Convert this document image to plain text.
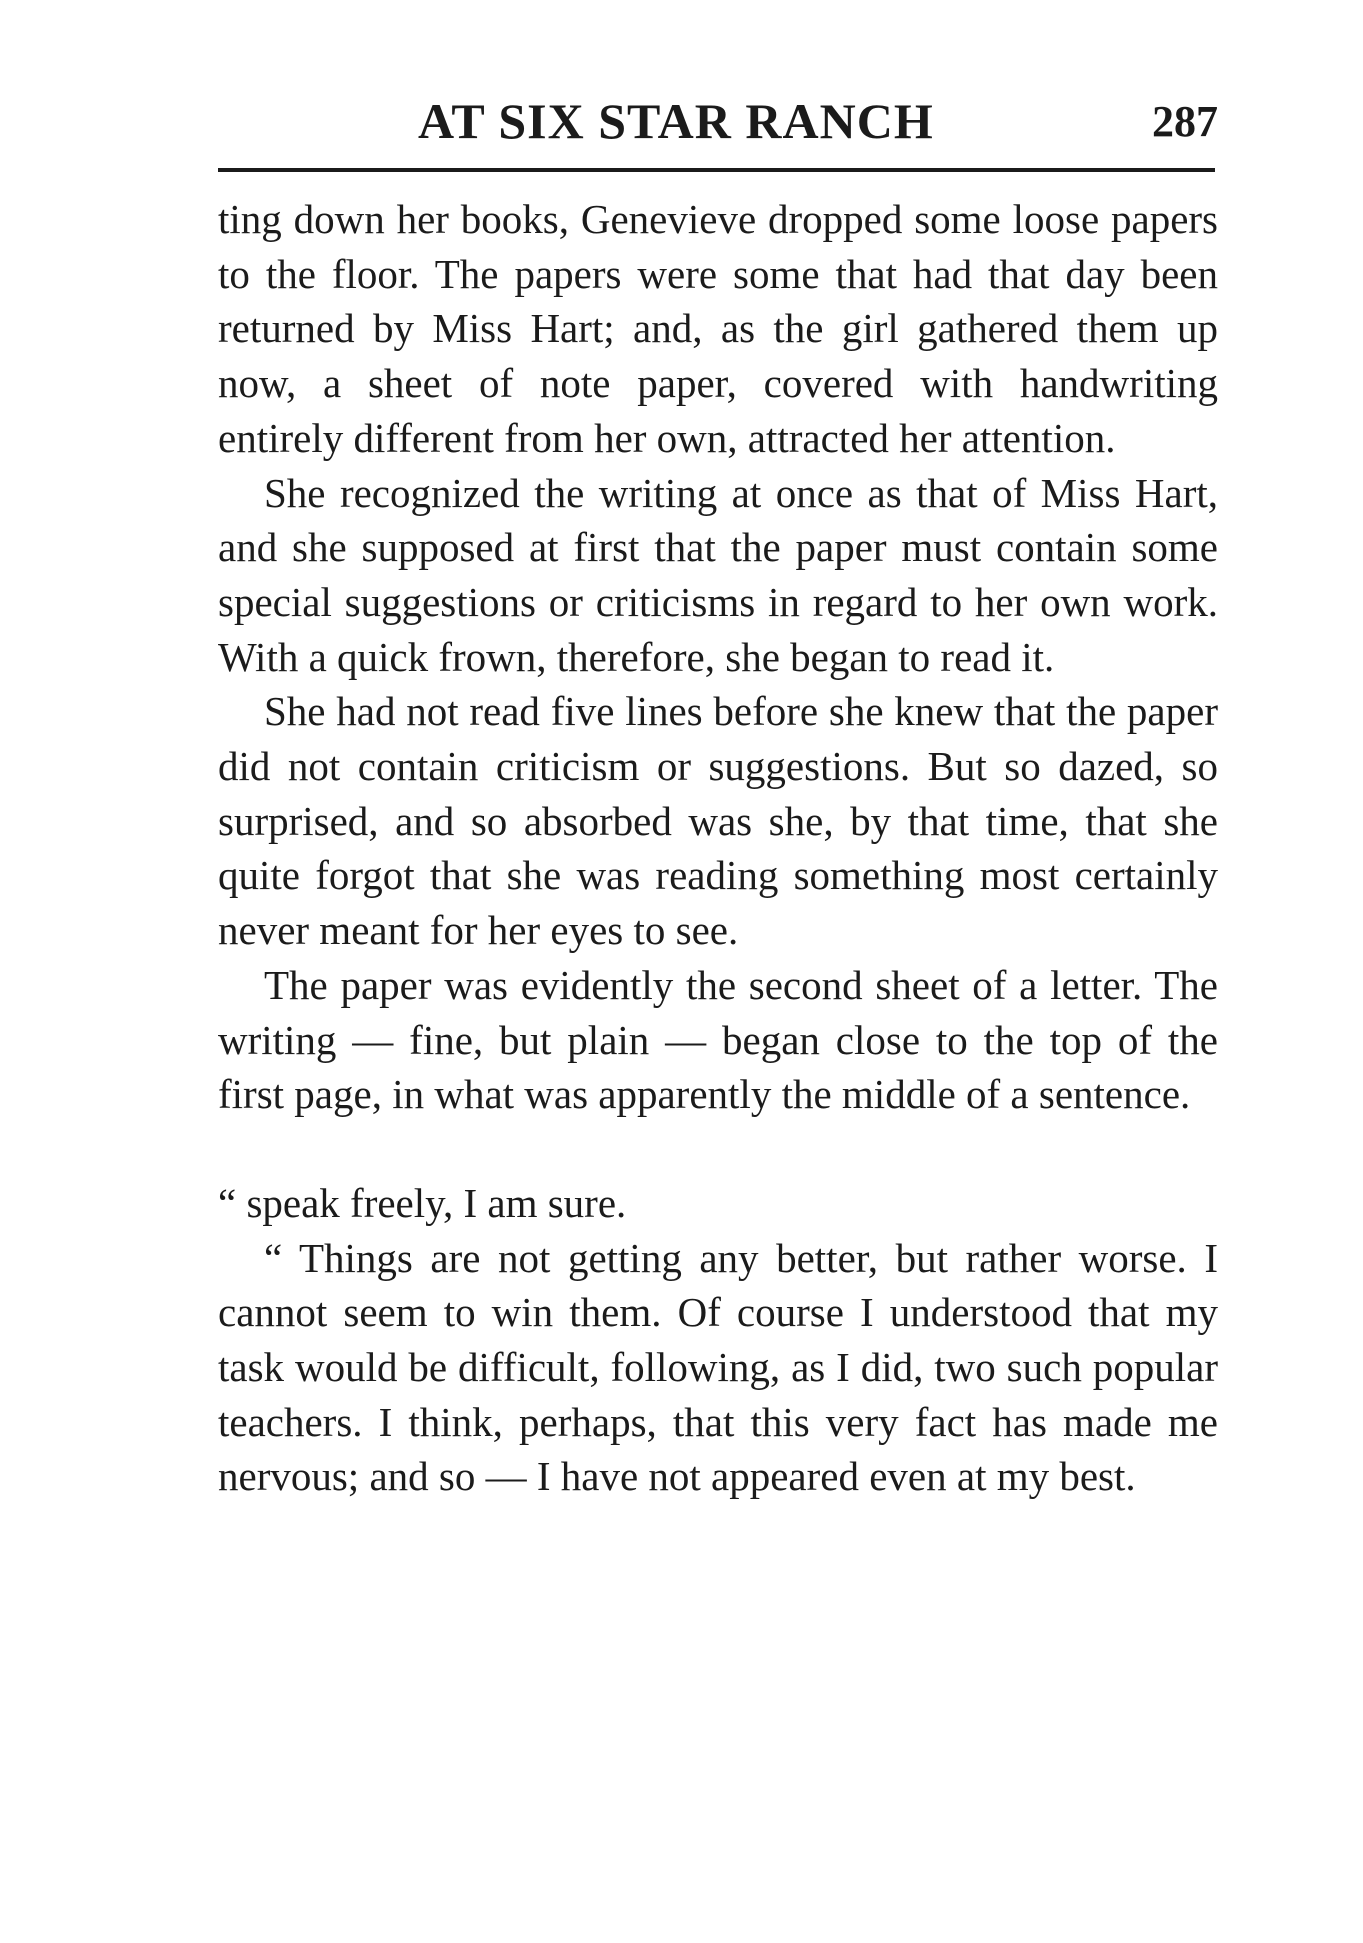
AT SIX STAR RANCH	287

ting down her books, Genevieve dropped some loose papers to the floor. The papers were some that had that day been returned by Miss Hart; and, as the girl gathered them up now, a sheet of note paper, covered with handwriting entirely different from her own, attracted her attention.

She recognized the writing at once as that of Miss Hart, and she supposed at first that the paper must contain some special suggestions or criticisms in regard to her own work. With a quick frown, therefore, she began to read it.

She had not read five lines before she knew that the paper did not contain criticism or suggestions. But so dazed, so surprised, and so absorbed was she, by that time, that she quite forgot that she was reading something most certainly never meant for her eyes to see.

The paper was evidently the second sheet of a letter. The writing — fine, but plain — began close to the top of the first page, in what was apparently the middle of a sentence.

“ speak freely, I am sure.

“ Things are not getting any better, but rather worse. I cannot seem to win them. Of course I understood that my task would be difficult, following, as I did, two such popular teachers. I think, perhaps, that this very fact has made me nervous; and so — I have not appeared even at my best.
